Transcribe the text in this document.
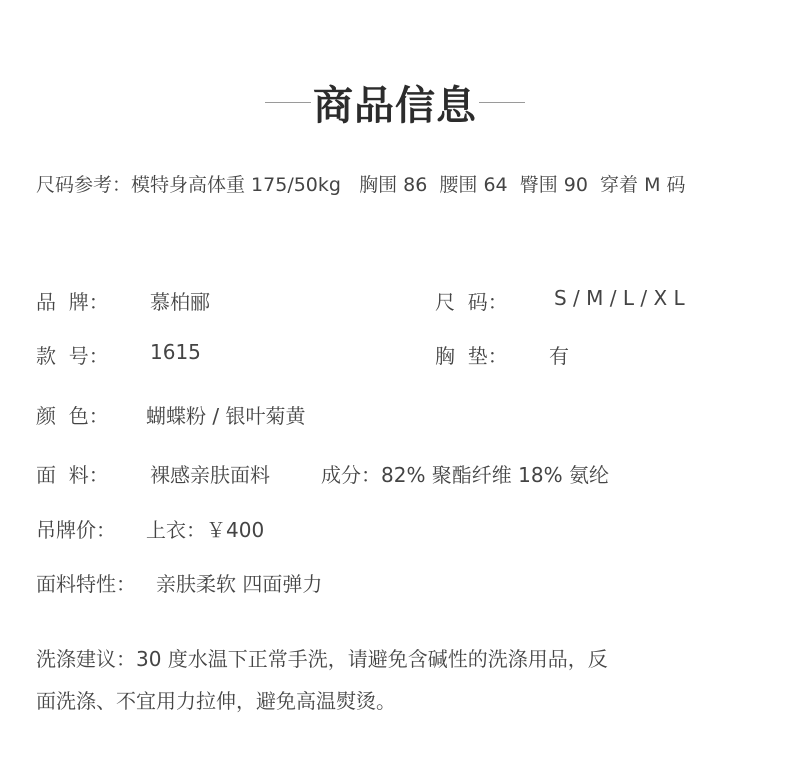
商品信息
尺码参考：模特身高体重 175/50kg 胸围 86 腰围 64 臀围 90 穿着 M 码
品  牌： 慕柏郦	尺  码： S / M / L / X L
款  号： 1615	胸  垫： 有
颜  色： 蝴蝶粉 / 银叶菊黄
面  料： 裸感亲肤面料	成分：82% 聚酯纤维 18% 氨纶
吊牌价： 上衣：￥400
面料特性： 亲肤柔软 四面弹力
洗涤建议：30 度水温下正常手洗，请避免含碱性的洗涤用品，反
面洗涤、不宜用力拉伸，避免高温熨烫。
